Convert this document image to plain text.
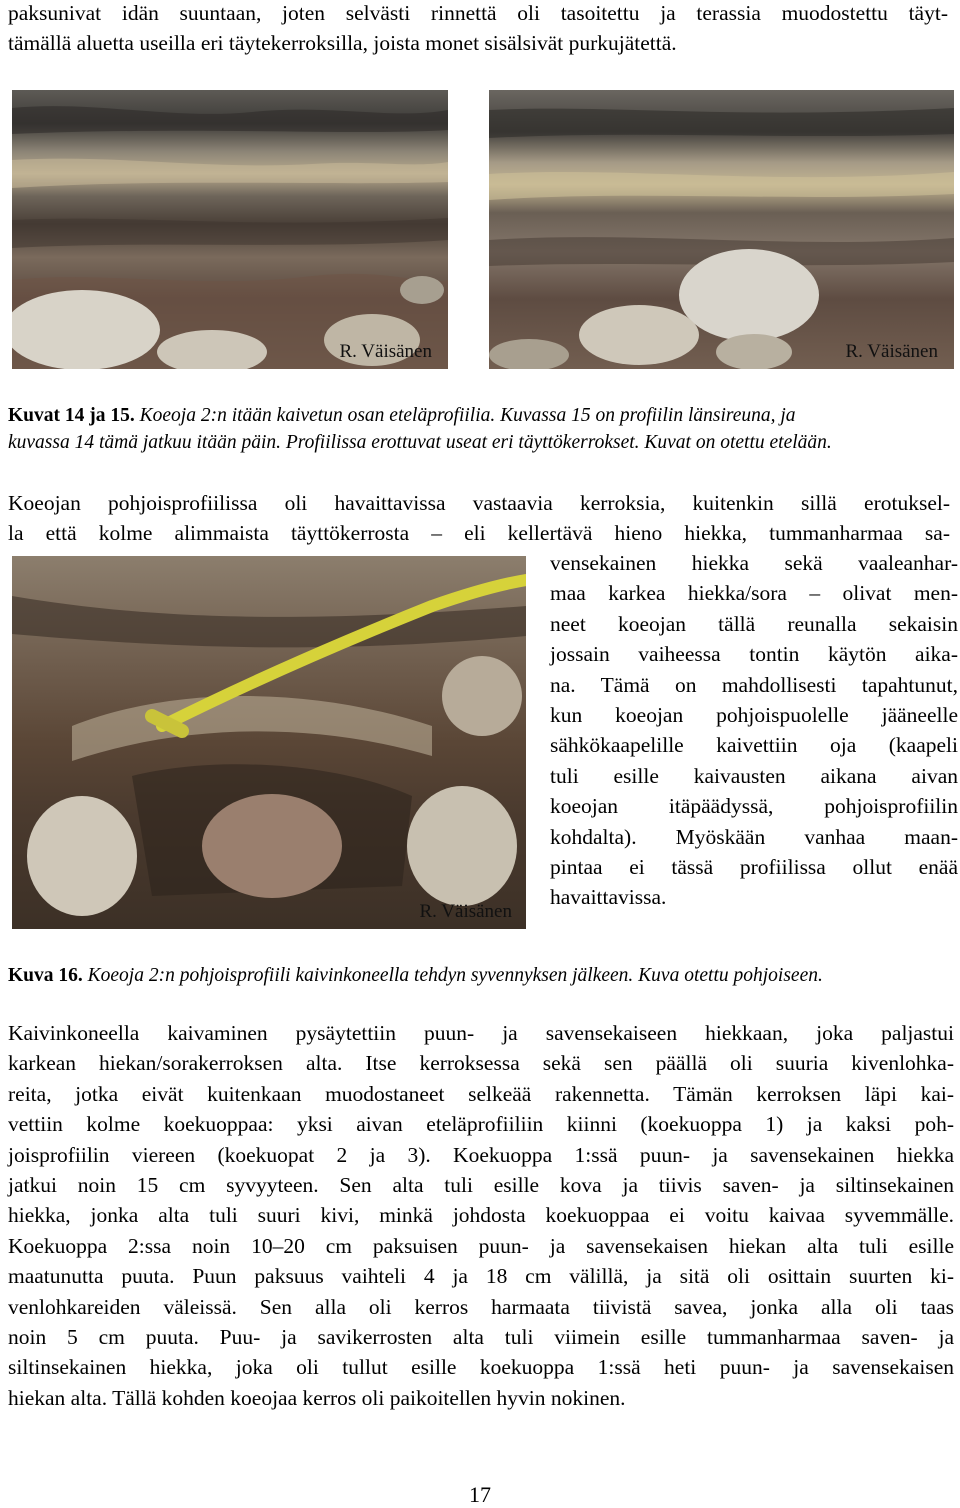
paksunivat idän suuntaan, joten selvästi rinnettä oli tasoitettu ja terassia muodostettu täyt-
tämällä aluetta useilla eri täytekerroksilla, joista monet sisälsivät purkujätettä.
R. Väisänen	R. Väisänen
Kuvat 14 ja 15. Koeoja 2:n itään kaivetun osan eteläprofiilia. Kuvassa 15 on profiilin länsireuna, ja
kuvassa 14 tämä jatkuu itään päin. Profiilissa erottuvat useat eri täyttökerrokset. Kuvat on otettu etelään.
Koeojan pohjoisprofiilissa oli havaittavissa vastaavia kerroksia, kuitenkin sillä erotuksel-
la että kolme alimmaista täyttökerrosta – eli kellertävä hieno hiekka, tummanharmaa sa-
R. Väisänen
vensekainen hiekka sekä vaaleanhar-
maa karkea hiekka/sora – olivat men-
neet koeojan tällä reunalla sekaisin
jossain vaiheessa tontin käytön aika-
na. Tämä on mahdollisesti tapahtunut,
kun koeojan pohjoispuolelle jääneelle
sähkökaapelille kaivettiin oja (kaapeli
tuli esille kaivausten aikana aivan
koeojan itäpäädyssä, pohjoisprofiilin
kohdalta). Myöskään vanhaa maan-
pintaa ei tässä profiilissa ollut enää
havaittavissa.
Kuva 16. Koeoja 2:n pohjoisprofiili kaivinkoneella tehdyn syvennyksen jälkeen. Kuva otettu pohjoiseen.
Kaivinkoneella kaivaminen pysäytettiin puun- ja savensekaiseen hiekkaan, joka paljastui
karkean hiekan/sorakerroksen alta. Itse kerroksessa sekä sen päällä oli suuria kivenlohka-
reita, jotka eivät kuitenkaan muodostaneet selkeää rakennetta. Tämän kerroksen läpi kai-
vettiin kolme koekuoppaa: yksi aivan eteläprofiiliin kiinni (koekuoppa 1) ja kaksi poh-
joisprofiilin viereen (koekuopat 2 ja 3). Koekuoppa 1:ssä puun- ja savensekainen hiekka
jatkui noin 15 cm syvyyteen. Sen alta tuli esille kova ja tiivis saven- ja siltinsekainen
hiekka, jonka alta tuli suuri kivi, minkä johdosta koekuoppaa ei voitu kaivaa syvemmälle.
Koekuoppa 2:ssa noin 10–20 cm paksuisen puun- ja savensekaisen hiekan alta tuli esille
maatunutta puuta. Puun paksuus vaihteli 4 ja 18 cm välillä, ja sitä oli osittain suurten ki-
venlohkareiden väleissä. Sen alla oli kerros harmaata tiivistä savea, jonka alla oli taas
noin 5 cm puuta. Puu- ja savikerrosten alta tuli viimein esille tummanharmaa saven- ja
siltinsekainen hiekka, joka oli tullut esille koekuoppa 1:ssä heti puun- ja savensekaisen
hiekan alta. Tällä kohden koeojaa kerros oli paikoitellen hyvin nokinen.
17
